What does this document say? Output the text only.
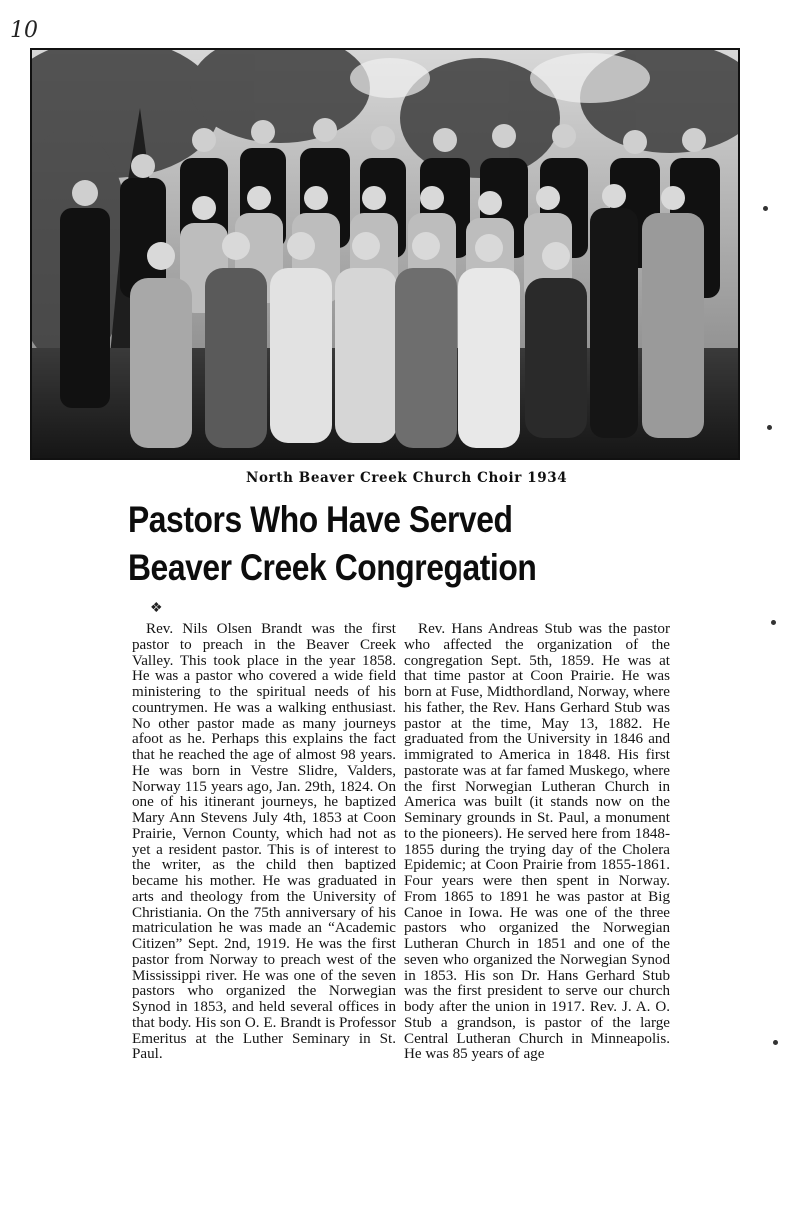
10
North Beaver Creek Church Choir 1934
Pastors Who Have Served Beaver Creek Congregation
❖

Rev. Nils Olsen Brandt was the first pastor to preach in the Beaver Creek Valley. This took place in the year 1858. He was a pastor who covered a wide field ministering to the spiritual needs of his countrymen. He was a walking enthusiast. No other pastor made as many journeys afoot as he. Perhaps this explains the fact that he reached the age of almost 98 years. He was born in Vestre Slidre, Valders, Norway 115 years ago, Jan. 29th, 1824. On one of his itinerant journeys, he baptized Mary Ann Stevens July 4th, 1853 at Coon Prairie, Vernon County, which had not as yet a resident pastor. This is of interest to the writer, as the child then baptized became his mother. He was graduated in arts and theology from the University of Christiania. On the 75th anniversary of his matriculation he was made an “Academic Citizen” Sept. 2nd, 1919. He was the first pastor from Norway to preach west of the Mississippi river. He was one of the seven pastors who organized the Norwegian Synod in 1853, and held several offices in that body. His son O. E. Brandt is Professor Emeritus at the Luther Seminary in St. Paul.

Rev. Hans Andreas Stub was the pastor who affected the organization of the congregation Sept. 5th, 1859. He was at that time pastor at Coon Prairie. He was born at Fuse, Midthordland, Norway, where his father, the Rev. Hans Gerhard Stub was pastor at the time, May 13, 1882. He graduated from the University in 1846 and immigrated to America in 1848. His first pastorate was at far famed Muskego, where the first Norwegian Lutheran Church in America was built (it stands now on the Seminary grounds in St. Paul, a monument to the pioneers). He served here from 1848-1855 during the trying day of the Cholera Epidemic; at Coon Prairie from 1855-1861. Four years were then spent in Norway. From 1865 to 1891 he was pastor at Big Canoe in Iowa. He was one of the three pastors who organized the Norwegian Lutheran Church in 1851 and one of the seven who organized the Norwegian Synod in 1853. His son Dr. Hans Gerhard Stub was the first president to serve our church body after the union in 1917. Rev. J. A. O. Stub a grandson, is pastor of the large Central Lutheran Church in Minneapolis. He was 85 years of age
